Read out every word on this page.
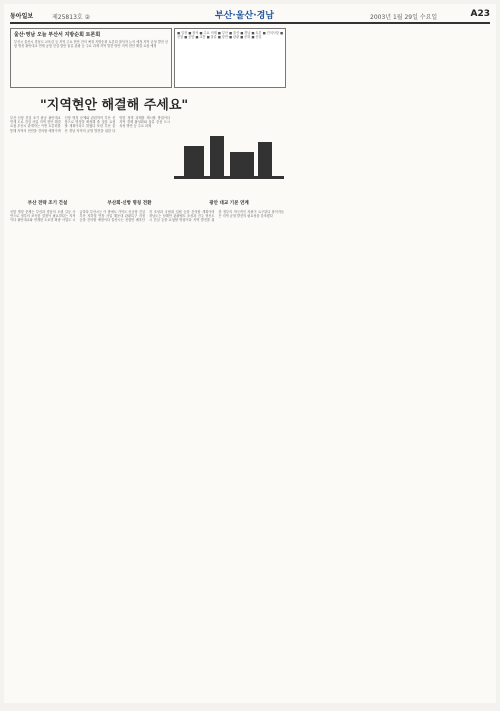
동아일보	제25813호 ②	부산·울산·경남	2003년 1월 29일 수요일	A23
울산·영남 오늘 부산서 지방순회 토론회
부산시 울산시 경남도 교육감 등 지역 주요 현안 건의 예정 지방순회 토론회 참석자 논의 예정 지역 균형 발전 신항 명칭 광안대교 연계 공항 건설 항만 물류 관광 등 주요 과제 지역 발전 방안 지역 현안 해결 요청 예정
■ 일정 ■ 참석 ■ 주요 의제 ■ 부산 ■ 울산 ■ 경남 ■ 토론 ■ 건의사항 ■ 신항 ■ 공항 ■ 교통 ■ 물류 ■ 항만 ■ 관광 ■ 문화 ■ 산업
"지역현안 해결해 주세요"
부산 신항 건설 조기 완공 광안대교 연계 도로 건설 사업 지역 현안 해결 요청 부산시 관계자는 이번 토론회를 통해 지역의 현안을 건의할 예정이며 신항 명칭 문제와 관련하여 부산 신항으로 명칭을 확정해 줄 것을 요청할 계획이라고 밝혔다 또한 부산 울산 경남 지역의 균형 발전을 위한 다양한 정책 과제를 제시할 방침이다 지역 경제 활성화와 물류 중심 도시 육성 방안 등 주요 과제
부산 전략 조기 건설	부산회·신항 명칭 전환	광안 대교 기본 연계
신항 명칭 문제는 부산과 경남의 오랜 갈등 사안으로 정부의 조속한 결정이 필요하다는 지적이다 광안대교와 연계한 도로망 확충 사업도 시급하다 부산시는 이 밖에도 가덕도 신공항 건설 부산 지하철 연장 사업 해운대 관광특구 지정 등을 건의할 예정이다 울산시는 신항만 배후단지 조성과 국립대 설립 등을 건의할 계획이며 경남도는 남해안 관광벨트 조성과 진주 혁신도시 건설 등을 요청할 방침이다 지역 발전을 위한 정부의 적극적인 지원이 요구된다 참석자들은 지역 균형 발전의 필요성을 강조했다
